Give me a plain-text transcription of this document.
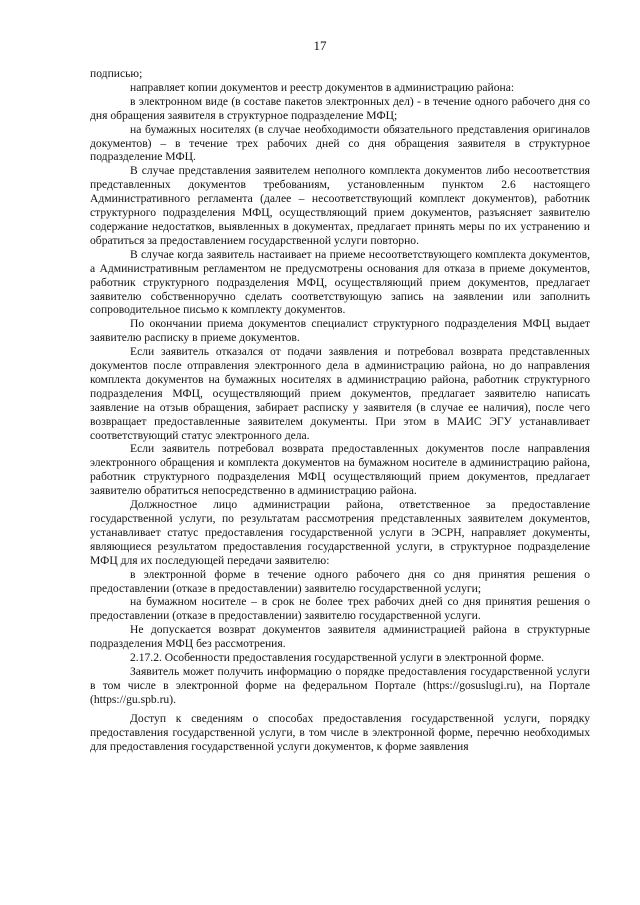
17

подписью;

направляет копии документов и реестр документов в администрацию района:

в электронном виде (в составе пакетов электронных дел) - в течение одного рабочего дня со дня обращения заявителя в структурное подразделение МФЦ;

на бумажных носителях (в случае необходимости обязательного представления оригиналов документов) – в течение трех рабочих дней со дня обращения заявителя в структурное подразделение МФЦ.

В случае представления заявителем неполного комплекта документов либо несоответствия представленных документов требованиям, установленным пунктом 2.6 настоящего Административного регламента (далее – несоответствующий комплект документов), работник структурного подразделения МФЦ, осуществляющий прием документов, разъясняет заявителю содержание недостатков, выявленных в документах, предлагает принять меры по их устранению и обратиться за предоставлением государственной услуги повторно.

В случае когда заявитель настаивает на приеме несоответствующего комплекта документов, а Административным регламентом не предусмотрены основания для отказа в приеме документов, работник структурного подразделения МФЦ, осуществляющий прием документов, предлагает заявителю собственноручно сделать соответствующую запись на заявлении или заполнить сопроводительное письмо к комплекту документов.

По окончании приема документов специалист структурного подразделения МФЦ выдает заявителю расписку в приеме документов.

Если заявитель отказался от подачи заявления и потребовал возврата представленных документов после отправления электронного дела в администрацию района, но до направления комплекта документов на бумажных носителях в администрацию района, работник структурного подразделения МФЦ, осуществляющий прием документов, предлагает заявителю написать заявление на отзыв обращения, забирает расписку у заявителя (в случае ее наличия), после чего возвращает предоставленные заявителем документы. При этом в МАИС ЭГУ устанавливает соответствующий статус электронного дела.

Если заявитель потребовал возврата предоставленных документов после направления электронного обращения и комплекта документов на бумажном носителе в администрацию района, работник структурного подразделения МФЦ осуществляющий прием документов, предлагает заявителю обратиться непосредственно в администрацию района.

Должностное лицо администрации района, ответственное за предоставление государственной услуги, по результатам рассмотрения представленных заявителем документов, устанавливает статус предоставления государственной услуги в ЭСРН, направляет документы, являющиеся результатом предоставления государственной услуги, в структурное подразделение МФЦ для их последующей передачи заявителю:

в электронной форме в течение одного рабочего дня со дня принятия решения о предоставлении (отказе в предоставлении) заявителю государственной услуги;

на бумажном носителе – в срок не более трех рабочих дней со дня принятия решения о предоставлении (отказе в предоставлении) заявителю государственной услуги.

Не допускается возврат документов заявителя администрацией района в структурные подразделения МФЦ без рассмотрения.

2.17.2. Особенности предоставления государственной услуги в электронной форме.

Заявитель может получить информацию о порядке предоставления государственной услуги в том числе в электронной форме на федеральном Портале (https://gosuslugi.ru), на Портале (https://gu.spb.ru).

Доступ к сведениям о способах предоставления государственной услуги, порядку предоставления государственной услуги, в том числе в электронной форме, перечню необходимых для предоставления государственной услуги документов, к форме заявления
